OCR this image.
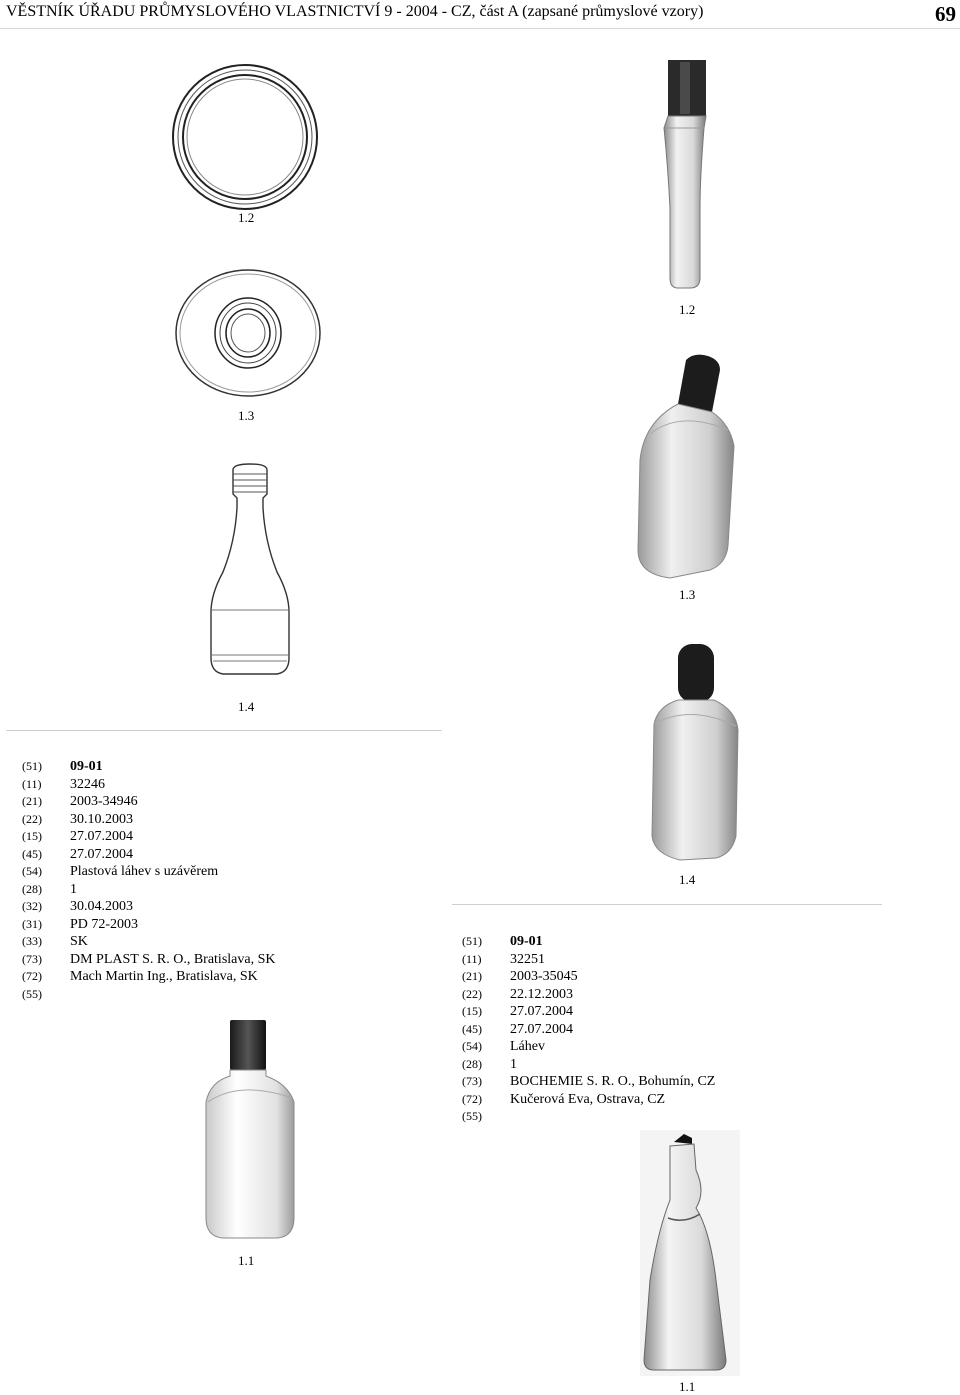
VĚSTNÍK ÚŘADU PRŮMYSLOVÉHO VLASTNICTVÍ 9 - 2004 - CZ, část A (zapsané průmyslové vzory)	69
1.2
1.3
1.4
(51)	09-01
(11)	32246
(21)	2003-34946
(22)	30.10.2003
(15)	27.07.2004
(45)	27.07.2004
(54)	Plastová láhev s uzávěrem
(28)	1
(32)	30.04.2003
(31)	PD 72-2003
(33)	SK
(73)	DM PLAST S. R. O., Bratislava, SK
(72)	Mach Martin Ing., Bratislava, SK
(55)
1.1
1.2
1.3
1.4
(51)	09-01
(11)	32251
(21)	2003-35045
(22)	22.12.2003
(15)	27.07.2004
(45)	27.07.2004
(54)	Láhev
(28)	1
(73)	BOCHEMIE S. R. O., Bohumín, CZ
(72)	Kučerová Eva, Ostrava, CZ
(55)
1.1
